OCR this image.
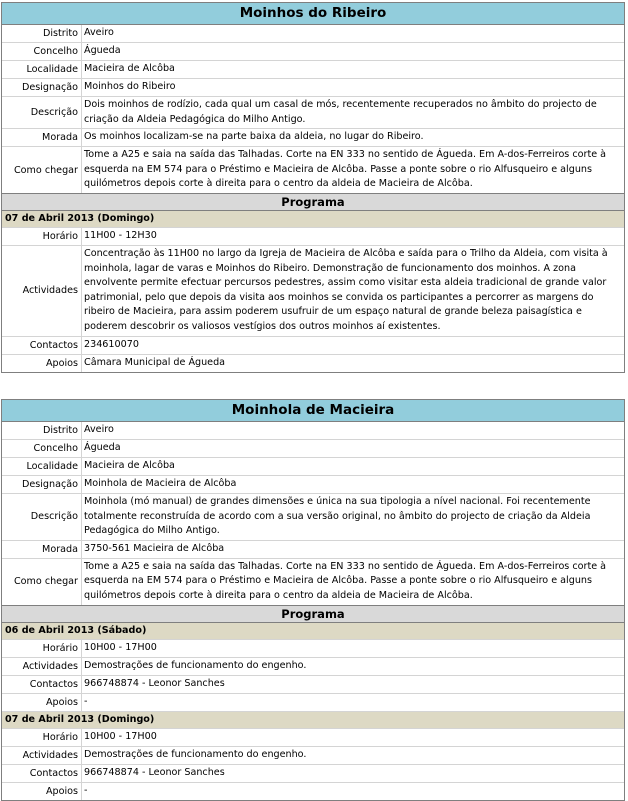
Moinhos do Ribeiro
Distrito Aveiro
Concelho Águeda
Localidade Macieira de Alcôba
Designação Moinhos do Ribeiro
Descrição
Dois moinhos de rodízio, cada qual um casal de mós, recentemente recuperados no âmbito do projecto de criação da Aldeia Pedagógica do Milho Antigo.
Morada Os moinhos localizam-se na parte baixa da aldeia, no lugar do Ribeiro.
Como chegar
Tome a A25 e saia na saída das Talhadas. Corte na EN 333 no sentido de Águeda. Em A-dos-Ferreiros corte à esquerda na EM 574 para o Préstimo e Macieira de Alcôba. Passe a ponte sobre o rio Alfusqueiro e alguns quilómetros depois corte à direita para o centro da aldeia de Macieira de Alcôba.
Programa
07 de Abril 2013 (Domingo)
Horário 11H00 - 12H30
Actividades
Concentração às 11H00 no largo da Igreja de Macieira de Alcôba e saída para o Trilho da Aldeia, com visita à moinhola, lagar de varas e Moinhos do Ribeiro. Demonstração de funcionamento dos moinhos. A zona envolvente permite efectuar percursos pedestres, assim como visitar esta aldeia tradicional de grande valor patrimonial, pelo que depois da visita aos moinhos se convida os participantes a percorrer as margens do ribeiro de Macieira, para assim poderem usufruir de um espaço natural de grande beleza paisagística e poderem descobrir os valiosos vestígios dos outros moinhos aí existentes.
Contactos 234610070
Apoios Câmara Municipal de Águeda
Moinhola de Macieira
Distrito Aveiro
Concelho Águeda
Localidade Macieira de Alcôba
Designação Moinhola de Macieira de Alcôba
Descrição
Moinhola (mó manual) de grandes dimensões e única na sua tipologia a nível nacional. Foi recentemente totalmente reconstruída de acordo com a sua versão original, no âmbito do projecto de criação da Aldeia Pedagógica do Milho Antigo.
Morada 3750-561 Macieira de Alcôba
Como chegar
Tome a A25 e saia na saída das Talhadas. Corte na EN 333 no sentido de Águeda. Em A-dos-Ferreiros corte à esquerda na EM 574 para o Préstimo e Macieira de Alcôba. Passe a ponte sobre o rio Alfusqueiro e alguns quilómetros depois corte à direita para o centro da aldeia de Macieira de Alcôba.
Programa
06 de Abril 2013 (Sábado)
Horário 10H00 - 17H00
Actividades Demostrações de funcionamento do engenho.
Contactos 966748874 - Leonor Sanches
Apoios -
07 de Abril 2013 (Domingo)
Horário 10H00 - 17H00
Actividades Demostrações de funcionamento do engenho.
Contactos 966748874 - Leonor Sanches
Apoios -
